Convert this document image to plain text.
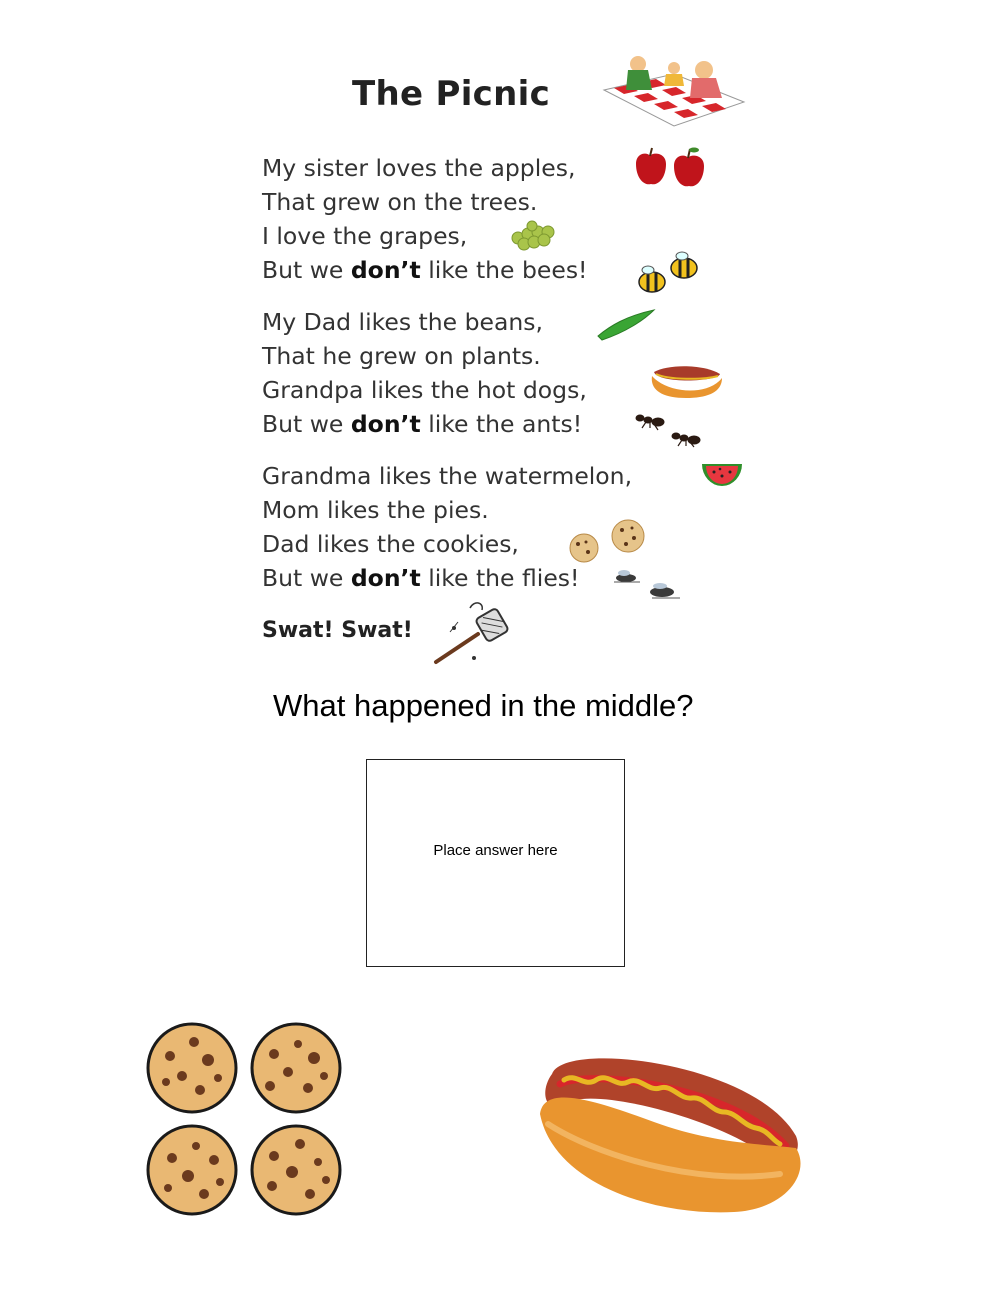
The Picnic
My sister loves the apples,
That grew on the trees.
I love the grapes,
But we don’t like the bees!
My Dad likes the beans,
That he grew on plants.
Grandpa likes the hot dogs,
But we don’t like the ants!
Grandma likes the watermelon,
Mom likes the pies.
Dad likes the cookies,
But we don’t like the flies!
Swat! Swat!
What happened in the middle?
Place answer here
